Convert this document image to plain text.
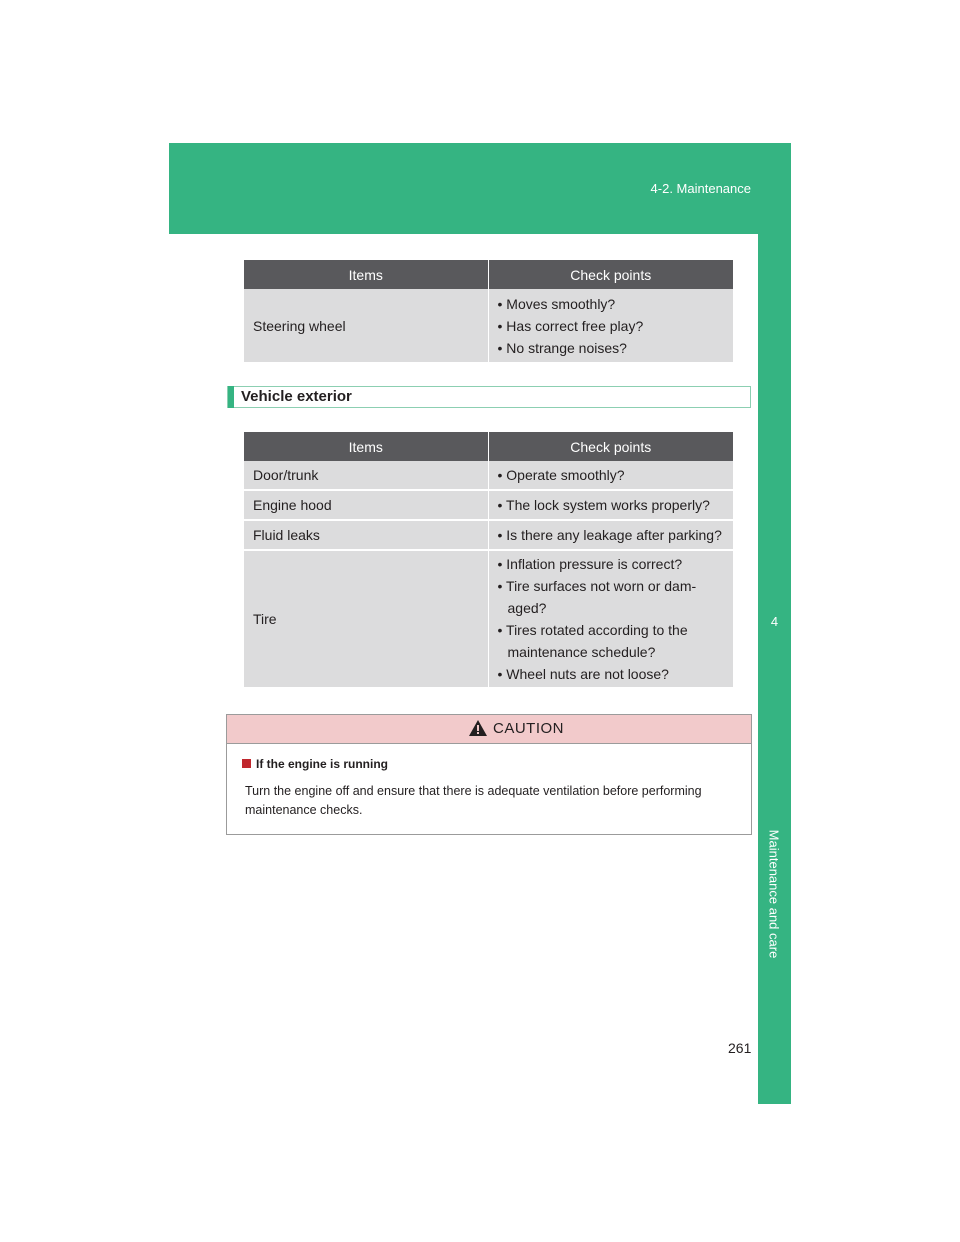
4-2. Maintenance
4
Maintenance and care
Items	Check points
Steering wheel	• Moves smoothly?
• Has correct free play?
• No strange noises?
Vehicle exterior
Items	Check points
Door/trunk	• Operate smoothly?
Engine hood	• The lock system works properly?
Fluid leaks	• Is there any leakage after parking?
Tire	• Inflation pressure is correct?
• Tire surfaces not worn or dam-aged?
• Tires rotated according to the maintenance schedule?
• Wheel nuts are not loose?
CAUTION
If the engine is running
Turn the engine off and ensure that there is adequate ventilation before performing maintenance checks.
261
